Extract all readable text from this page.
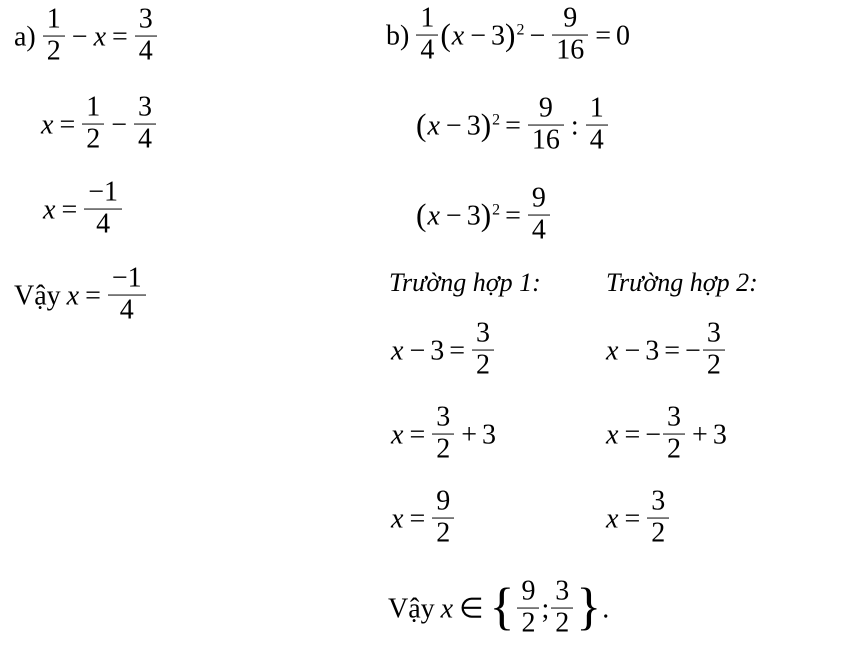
$a) \frac{1}{2} - x = \frac{3}{4}$
$x = \frac{1}{2} - \frac{3}{4}$
$x = \frac{-1}{4}$
Vậy $x = \frac{-1}{4}$
$b) \frac{1}{4} (x - 3)^2 - \frac{9}{16} = 0$
$(x - 3)^2 = \frac{9}{16}$ : $\frac{1}{4}$
$(x - 3)^2 = \frac{9}{4}$
Trường hợp 1:	Trường hợp 2:
$x - 3 = \frac{3}{2}$
$x = \frac{3}{2} + 3$
$x = \frac{9}{2}$
x − 3 = − $\frac{3}{2}$
x = − $\frac{3}{2} + 3$
$x = \frac{3}{2}$
Vậy x ∈ { $\frac{9}{2}$ ; $\frac{3}{2}$ }.
